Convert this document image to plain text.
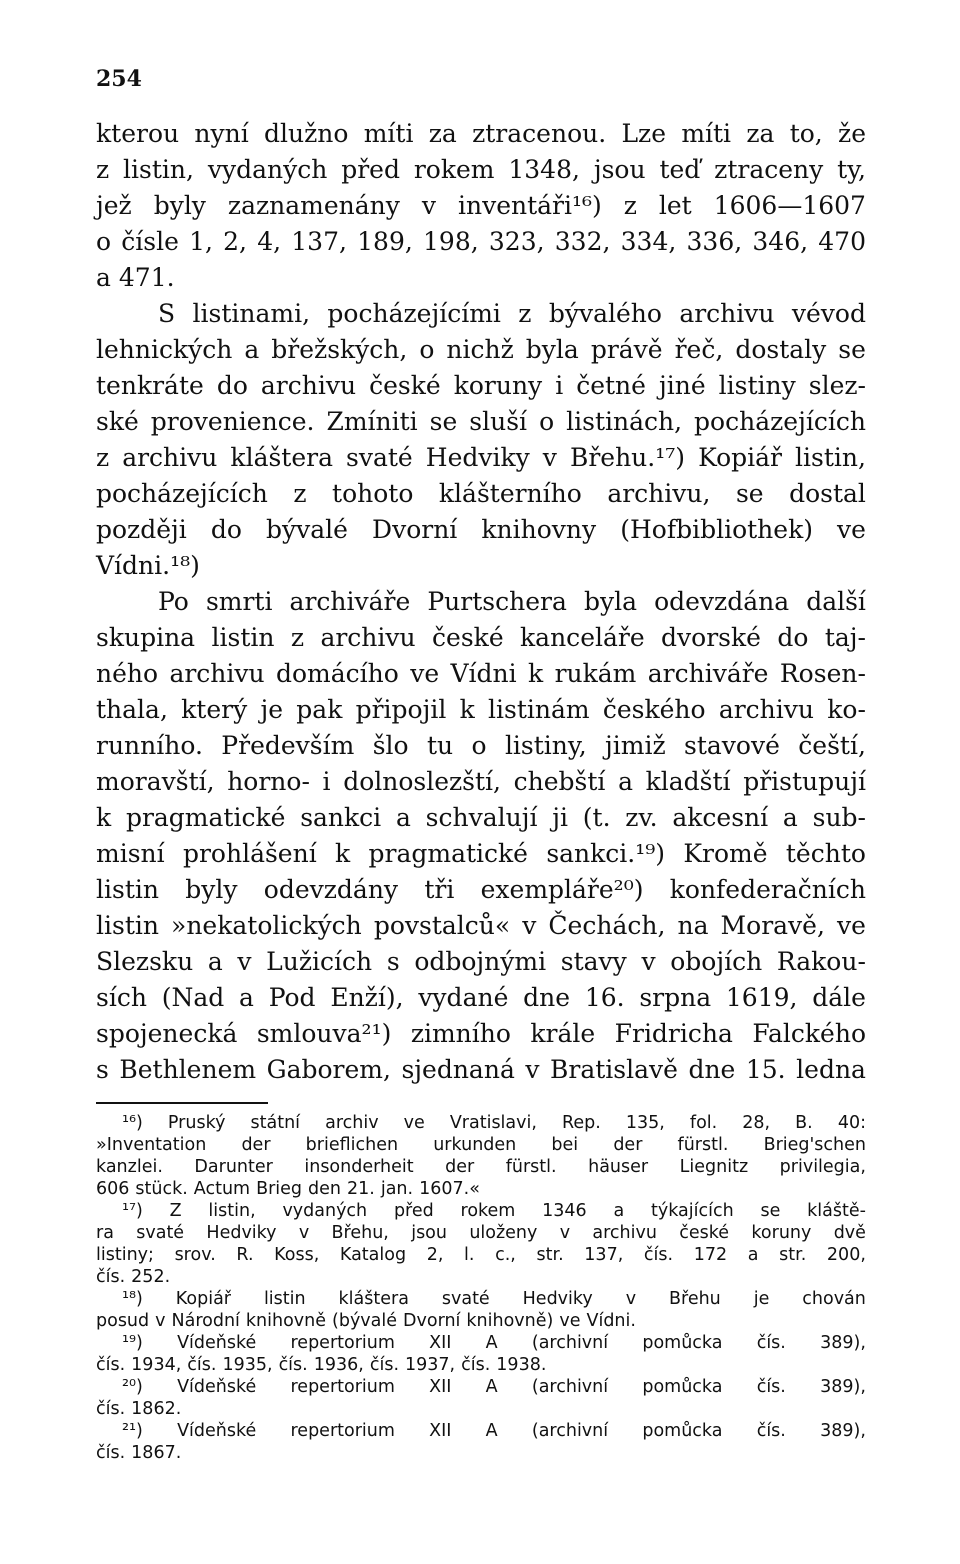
254
kterou nyní dlužno míti za ztracenou. Lze míti za to, že
z listin, vydaných před rokem 1348, jsou teď ztraceny ty,
jež byly zaznamenány v inventáři¹⁶) z let 1606—1607
o čísle 1, 2, 4, 137, 189, 198, 323, 332, 334, 336, 346, 470
a 471.
S listinami, pocházejícími z bývalého archivu vévod
lehnických a břežských, o nichž byla právě řeč, dostaly se
tenkráte do archivu české koruny i četné jiné listiny slez-
ské provenience. Zmíniti se sluší o listinách, pocházejících
z archivu kláštera svaté Hedviky v Břehu.¹⁷) Kopiář listin,
pocházejících z tohoto klášterního archivu, se dostal
později do bývalé Dvorní knihovny (Hofbibliothek) ve
Vídni.¹⁸)
Po smrti archiváře Purtschera byla odevzdána další
skupina listin z archivu české kanceláře dvorské do taj-
ného archivu domácího ve Vídni k rukám archiváře Rosen-
thala, který je pak připojil k listinám českého archivu ko-
runního. Především šlo tu o listiny, jimiž stavové čeští,
moravští, horno- i dolnoslezští, chebští a kladští přistupují
k pragmatické sankci a schvalují ji (t. zv. akcesní a sub-
misní prohlášení k pragmatické sankci.¹⁹) Kromě těchto
listin byly odevzdány tři exempláře²⁰) konfederačních
listin »nekatolických povstalců« v Čechách, na Moravě, ve
Slezsku a v Lužicích s odbojnými stavy v obojích Rakou-
sích (Nad a Pod Enží), vydané dne 16. srpna 1619, dále
spojenecká smlouva²¹) zimního krále Fridricha Falckého
s Bethlenem Gaborem, sjednaná v Bratislavě dne 15. ledna
¹⁶) Pruský státní archiv ve Vratislavi, Rep. 135, fol. 28, B. 40:
»Inventation der brieflichen urkunden bei der fürstl. Brieg'schen
kanzlei. Darunter insonderheit der fürstl. häuser Liegnitz privilegia,
606 stück. Actum Brieg den 21. jan. 1607.«
¹⁷) Z listin, vydaných před rokem 1346 a týkajících se kláště-
ra svaté Hedviky v Břehu, jsou uloženy v archivu české koruny dvě
listiny; srov. R. Koss, Katalog 2, l. c., str. 137, čís. 172 a str. 200,
čís. 252.
¹⁸) Kopiář listin kláštera svaté Hedviky v Břehu je chován
posud v Národní knihovně (bývalé Dvorní knihovně) ve Vídni.
¹⁹) Vídeňské repertorium XII A (archivní pomůcka čís. 389),
čís. 1934, čís. 1935, čís. 1936, čís. 1937, čís. 1938.
²⁰) Vídeňské repertorium XII A (archivní pomůcka čís. 389),
čís. 1862.
²¹) Vídeňské repertorium XII A (archivní pomůcka čís. 389),
čís. 1867.
